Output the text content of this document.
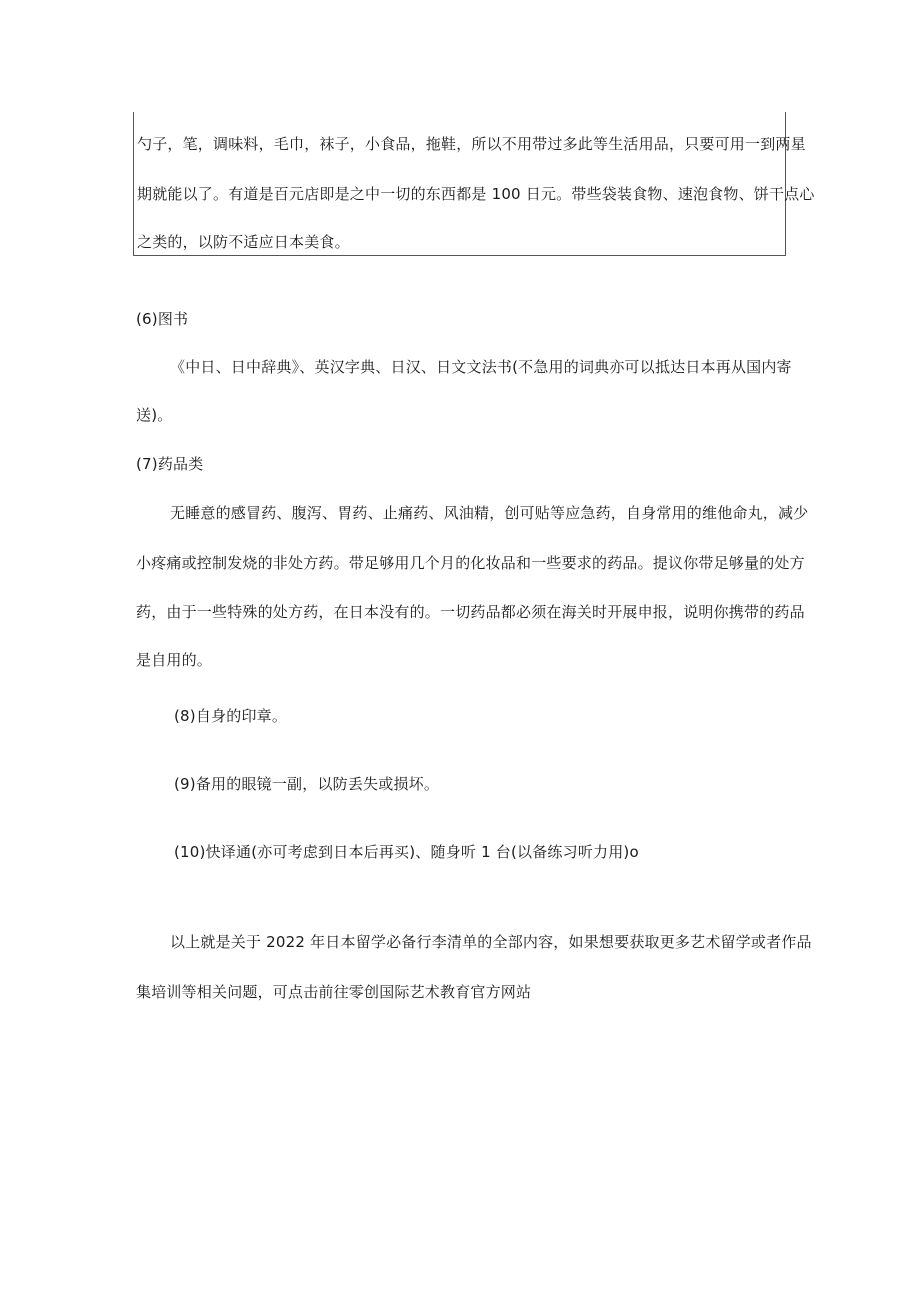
勺子，笔，调味料，毛巾，袜子，小食品，拖鞋，所以不用带过多此等生活用品，只要可用一到两星
期就能以了。有道是百元店即是之中一切的东西都是 100 日元。带些袋装食物、速泡食物、饼干点心
之类的，以防不适应日本美食。
(6)图书
《中日、日中辞典》、英汉字典、日汉、日文文法书(不急用的词典亦可以抵达日本再从国内寄
送)。
(7)药品类
无睡意的感冒药、腹泻、胃药、止痛药、风油精，创可贴等应急药，自身常用的维他命丸，减少
小疼痛或控制发烧的非处方药。带足够用几个月的化妆品和一些要求的药品。提议你带足够量的处方
药，由于一些特殊的处方药，在日本没有的。一切药品都必须在海关时开展申报，说明你携带的药品
是自用的。
(8)自身的印章。
(9)备用的眼镜一副，以防丢失或损坏。
(10)快译通(亦可考虑到日本后再买)、随身听 1 台(以备练习听力用)o
以上就是关于 2022 年日本留学必备行李清单的全部内容，如果想要获取更多艺术留学或者作品
集培训等相关问题，可点击前往零创国际艺术教育官方网站
